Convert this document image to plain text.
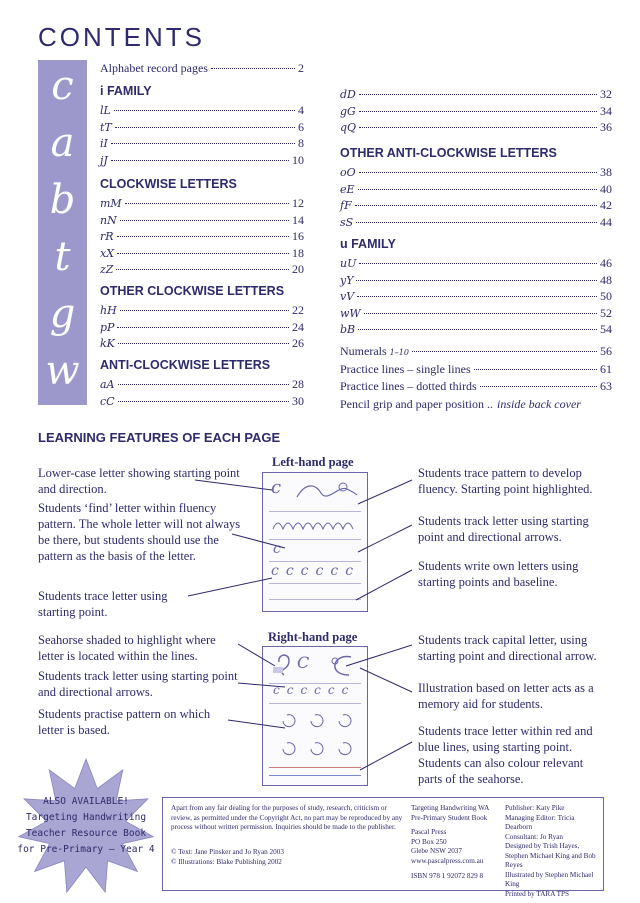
CONTENTS
c
a
b
t
g
w
Alphabet record pages	2
i FAMILY
lL	4
tT	6
iI	8
jJ	10
CLOCKWISE LETTERS
mM	12
nN	14
rR	16
xX	18
zZ	20
OTHER CLOCKWISE LETTERS
hH	22
pP	24
kK	26
ANTI-CLOCKWISE LETTERS
aA	28
cC	30
dD	32
gG	34
qQ	36
OTHER ANTI-CLOCKWISE LETTERS
oO	38
eE	40
fF	42
sS	44
u FAMILY
uU	46
yY	48
vV	50
wW	52
bB	54
Numerals 1–10	56
Practice lines – single lines	61
Practice lines – dotted thirds	63
Pencil grip and paper position .. inside back cover
LEARNING FEATURES OF EACH PAGE
Left-hand page
c
c
cccccc
Right-hand page
C
cccccc
Lower-case letter showing starting point and direction.
Students ‘find’ letter within fluency pattern. The whole letter will not always be there, but students should use the pattern as the basis of the letter.
Students trace letter using starting point.
Students trace pattern to develop fluency. Starting point highlighted.
Students track letter using starting point and directional arrows.
Students write own letters using starting points and baseline.
Seahorse shaded to highlight where letter is located within the lines.
Students track letter using starting point and directional arrows.
Students practise pattern on which letter is based.
Students track capital letter, using starting point and directional arrow.
Illustration based on letter acts as a memory aid for students.
Students trace letter within red and blue lines, using starting point. Students can also colour relevant parts of the seahorse.
ALSO AVAILABLE!
Targeting Handwriting
Teacher Resource Book
for Pre-Primary — Year 4
Apart from any fair dealing for the purposes of study, research, criticism or review, as permitted under the Copyright Act, no part may be reproduced by any process without written permission. Inquiries should be made to the publisher.
© Text: Jane Pinsker and Jo Ryan 2003
© Illustrations: Blake Publishing 2002
Targeting Handwriting WA
Pre-Primary Student Book
Pascal Press
PO Box 250
Glebe NSW 2037
www.pascalpress.com.au
ISBN 978 1 92072 829 8
Publisher: Katy Pike
Managing Editor: Tricia Dearborn
Consultant: Jo Ryan
Designed by Trish Hayes,
Stephen Michael King and Bob Reyes
Illustrated by Stephen Michael King
Printed by TARA TPS
